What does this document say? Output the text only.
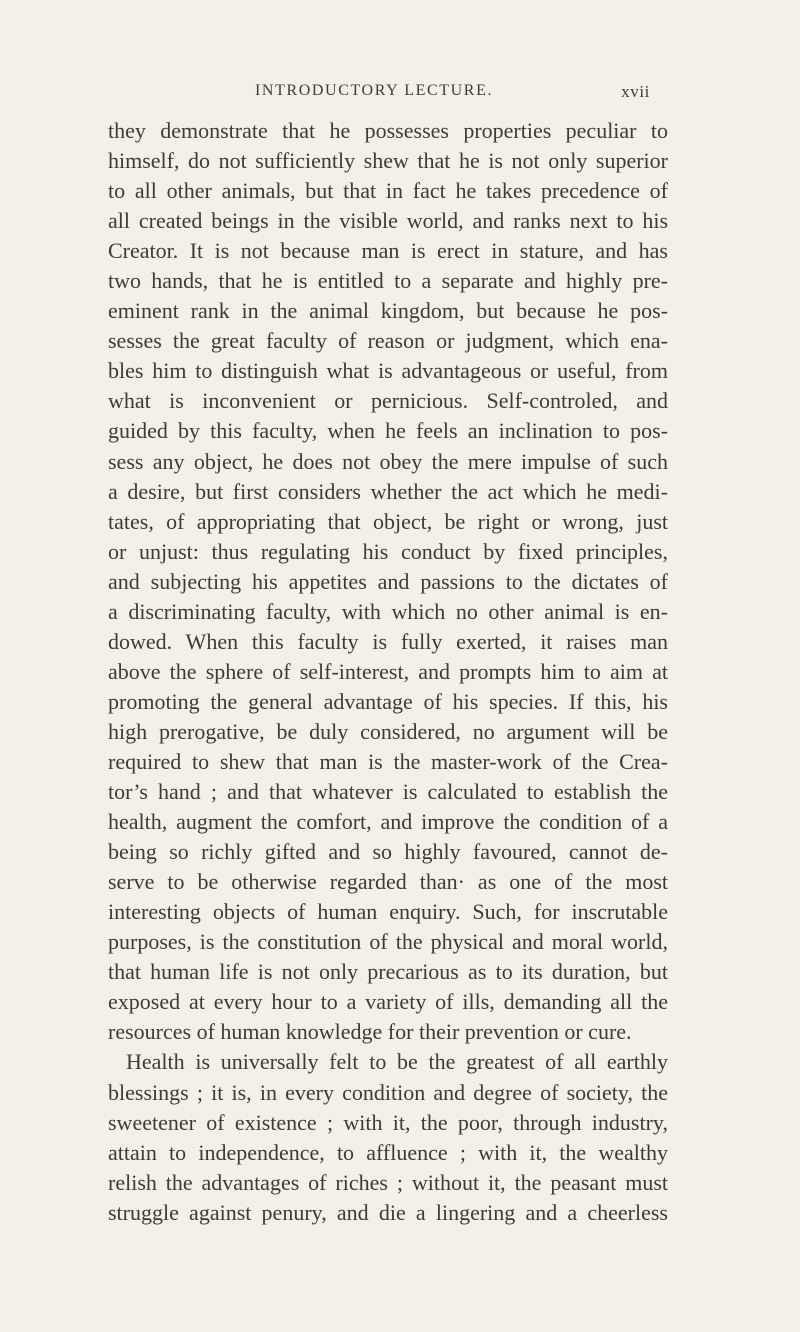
INTRODUCTORY LECTURE.	xvii
they demonstrate that he possesses properties peculiar to
himself, do not sufficiently shew that he is not only superior
to all other animals, but that in fact he takes precedence of
all created beings in the visible world, and ranks next to his
Creator. It is not because man is erect in stature, and has
two hands, that he is entitled to a separate and highly pre-
eminent rank in the animal kingdom, but because he pos-
sesses the great faculty of reason or judgment, which ena-
bles him to distinguish what is advantageous or useful, from
what is inconvenient or pernicious. Self-controled, and
guided by this faculty, when he feels an inclination to pos-
sess any object, he does not obey the mere impulse of such
a desire, but first considers whether the act which he medi-
tates, of appropriating that object, be right or wrong, just
or unjust: thus regulating his conduct by fixed principles,
and subjecting his appetites and passions to the dictates of
a discriminating faculty, with which no other animal is en-
dowed. When this faculty is fully exerted, it raises man
above the sphere of self-interest, and prompts him to aim at
promoting the general advantage of his species. If this, his
high prerogative, be duly considered, no argument will be
required to shew that man is the master-work of the Crea-
tor’s hand ; and that whatever is calculated to establish the
health, augment the comfort, and improve the condition of a
being so richly gifted and so highly favoured, cannot de-
serve to be otherwise regarded than· as one of the most
interesting objects of human enquiry. Such, for inscrutable
purposes, is the constitution of the physical and moral world,
that human life is not only precarious as to its duration, but
exposed at every hour to a variety of ills, demanding all the
resources of human knowledge for their prevention or cure.
Health is universally felt to be the greatest of all earthly
blessings ; it is, in every condition and degree of society, the
sweetener of existence ; with it, the poor, through industry,
attain to independence, to affluence ; with it, the wealthy
relish the advantages of riches ; without it, the peasant must
struggle against penury, and die a lingering and a cheerless
